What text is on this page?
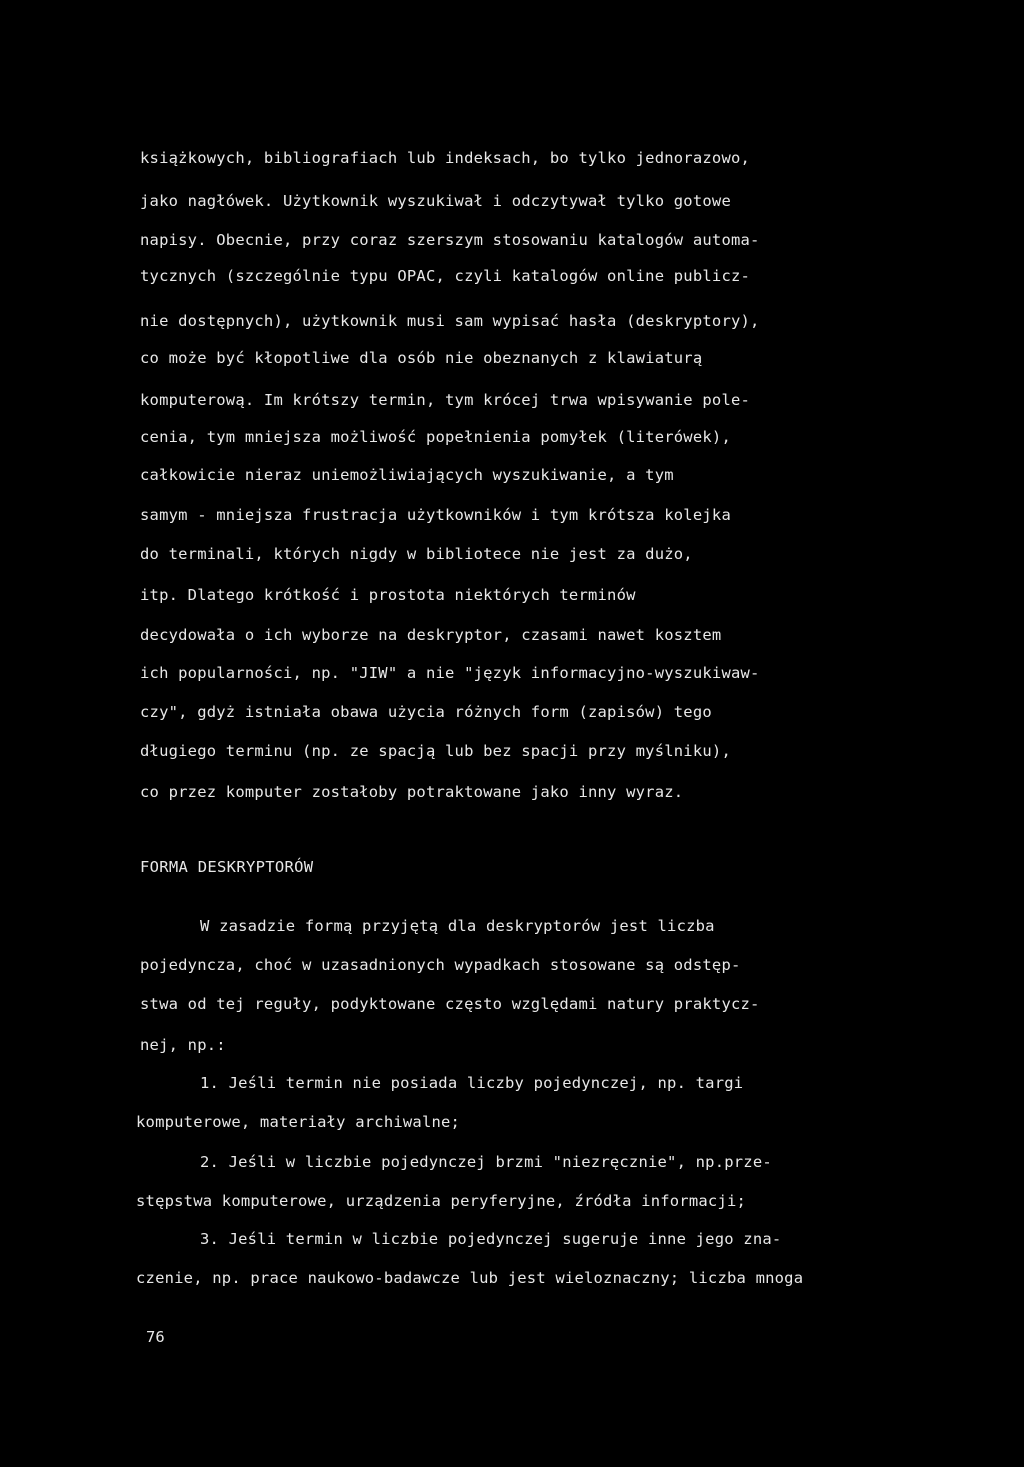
książkowych, bibliografiach lub indeksach, bo tylko jednorazowo,
jako nagłówek. Użytkownik wyszukiwał i odczytywał tylko gotowe
napisy. Obecnie, przy coraz szerszym stosowaniu katalogów automa-
tycznych (szczególnie typu OPAC, czyli katalogów online publicz-
nie dostępnych), użytkownik musi sam wypisać hasła (deskryptory),
co może być kłopotliwe dla osób nie obeznanych z klawiaturą
komputerową. Im krótszy termin, tym krócej trwa wpisywanie pole-
cenia, tym mniejsza możliwość popełnienia pomyłek (literówek),
całkowicie nieraz uniemożliwiających wyszukiwanie, a tym
samym - mniejsza frustracja użytkowników i tym krótsza kolejka
do terminali, których nigdy w bibliotece nie jest za dużo,
itp. Dlatego krótkość i prostota niektórych terminów
decydowała o ich wyborze na deskryptor, czasami nawet kosztem
ich popularności, np. "JIW" a nie "język informacyjno-wyszukiwaw-
czy", gdyż istniała obawa użycia różnych form (zapisów) tego
długiego terminu (np. ze spacją lub bez spacji przy myślniku),
co przez komputer zostałoby potraktowane jako inny wyraz.
FORMA DESKRYPTORÓW
W zasadzie formą przyjętą dla deskryptorów jest liczba
pojedyncza, choć w uzasadnionych wypadkach stosowane są odstęp-
stwa od tej reguły, podyktowane często względami natury praktycz-
nej, np.:
1. Jeśli termin nie posiada liczby pojedynczej, np. targi
komputerowe, materiały archiwalne;
2. Jeśli w liczbie pojedynczej brzmi "niezręcznie", np.prze-
stępstwa komputerowe, urządzenia peryferyjne, źródła informacji;
3. Jeśli termin w liczbie pojedynczej sugeruje inne jego zna-
czenie, np. prace naukowo-badawcze lub jest wieloznaczny; liczba mnoga
76
